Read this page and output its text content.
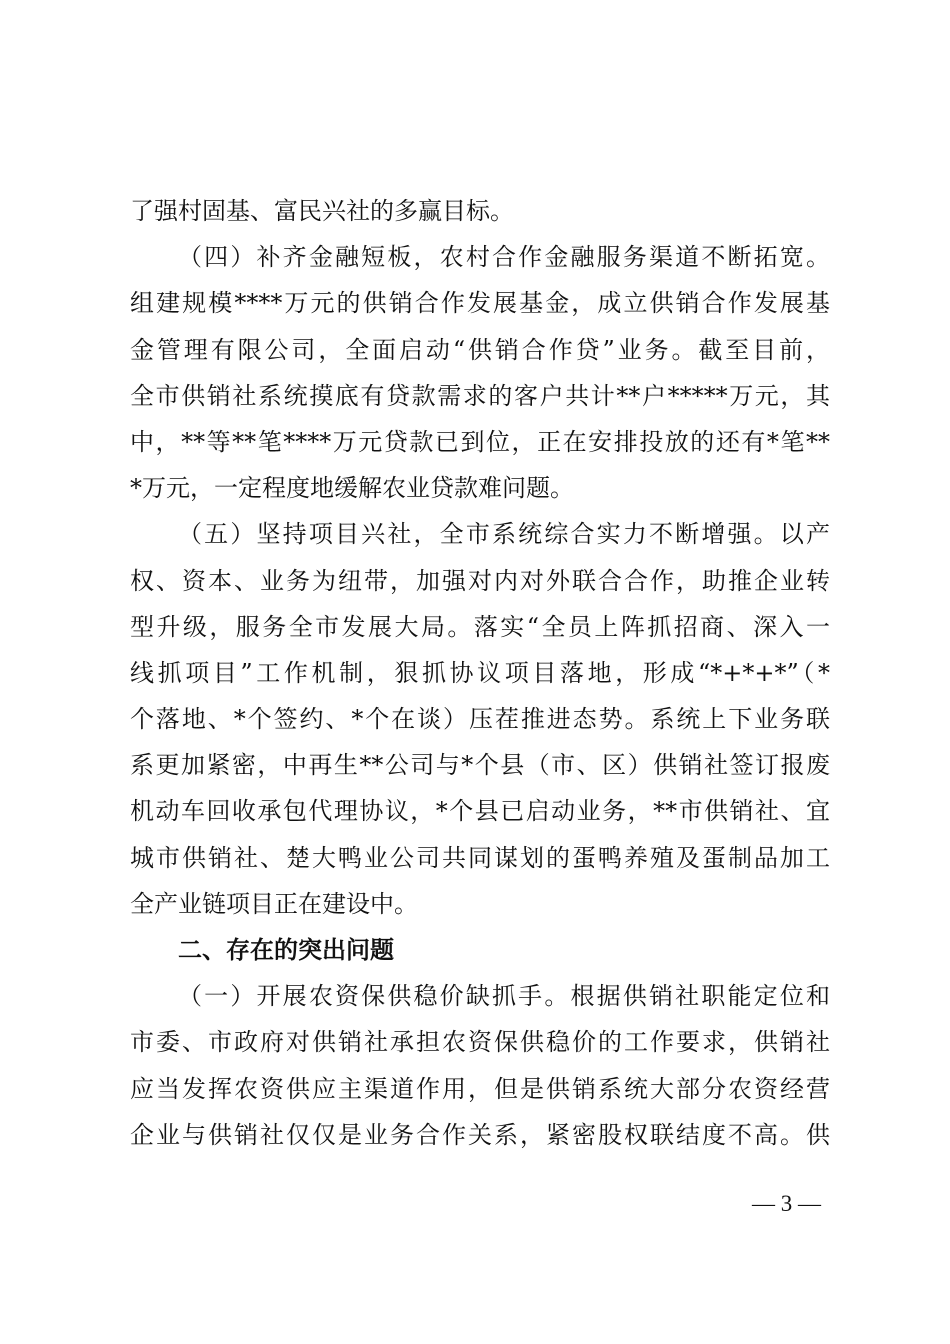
了强村固基、富民兴社的多赢目标。
（四）补齐金融短板，农村合作金融服务渠道不断拓宽。
组建规模****万元的供销合作发展基金，成立供销合作发展基
金管理有限公司，全面启动“供销合作贷”业务。截至目前，
全市供销社系统摸底有贷款需求的客户共计**户*****万元，其
中，**等**笔****万元贷款已到位，正在安排投放的还有*笔**
*万元，一定程度地缓解农业贷款难问题。
（五）坚持项目兴社，全市系统综合实力不断增强。以产
权、资本、业务为纽带，加强对内对外联合合作，助推企业转
型升级，服务全市发展大局。落实“全员上阵抓招商、深入一
线抓项目”工作机制，狠抓协议项目落地，形成“*+*+*”（*
个落地、*个签约、*个在谈）压茬推进态势。系统上下业务联
系更加紧密，中再生**公司与*个县（市、区）供销社签订报废
机动车回收承包代理协议，*个县已启动业务，**市供销社、宜
城市供销社、楚大鸭业公司共同谋划的蛋鸭养殖及蛋制品加工
全产业链项目正在建设中。
二、存在的突出问题
（一）开展农资保供稳价缺抓手。根据供销社职能定位和
市委、市政府对供销社承担农资保供稳价的工作要求，供销社
应当发挥农资供应主渠道作用，但是供销系统大部分农资经营
企业与供销社仅仅是业务合作关系，紧密股权联结度不高。供
— 3 —
